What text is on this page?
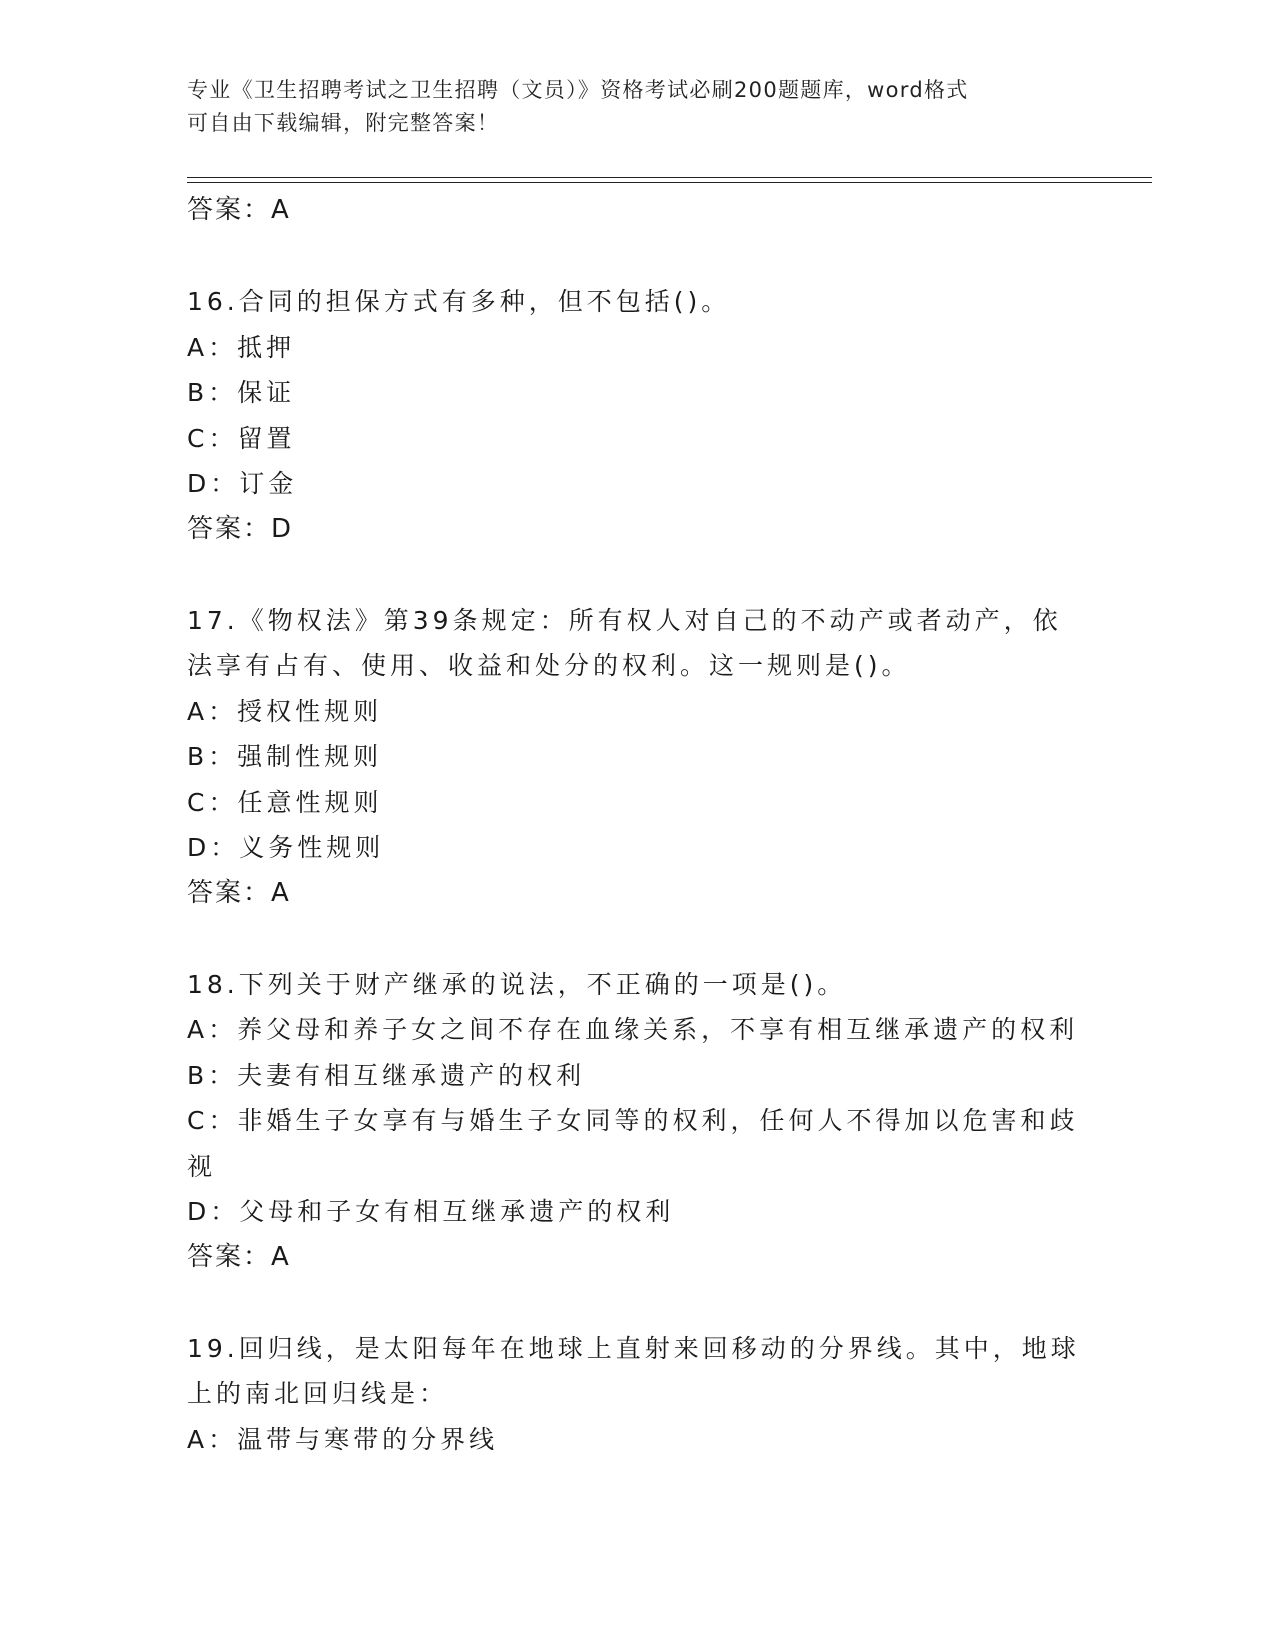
专业《卫生招聘考试之卫生招聘（文员）》资格考试必刷200题题库，word格式
可自由下载编辑，附完整答案！
答案：A
16.合同的担保方式有多种，但不包括()。
A：抵押
B：保证
C：留置
D：订金
答案：D
17.《物权法》第39条规定：所有权人对自己的不动产或者动产，依
法享有占有、使用、收益和处分的权利。这一规则是()。
A：授权性规则
B：强制性规则
C：任意性规则
D：义务性规则
答案：A
18.下列关于财产继承的说法，不正确的一项是()。
A：养父母和养子女之间不存在血缘关系，不享有相互继承遗产的权利
B：夫妻有相互继承遗产的权利
C：非婚生子女享有与婚生子女同等的权利，任何人不得加以危害和歧
视
D：父母和子女有相互继承遗产的权利
答案：A
19.回归线，是太阳每年在地球上直射来回移动的分界线。其中，地球
上的南北回归线是：
A：温带与寒带的分界线
